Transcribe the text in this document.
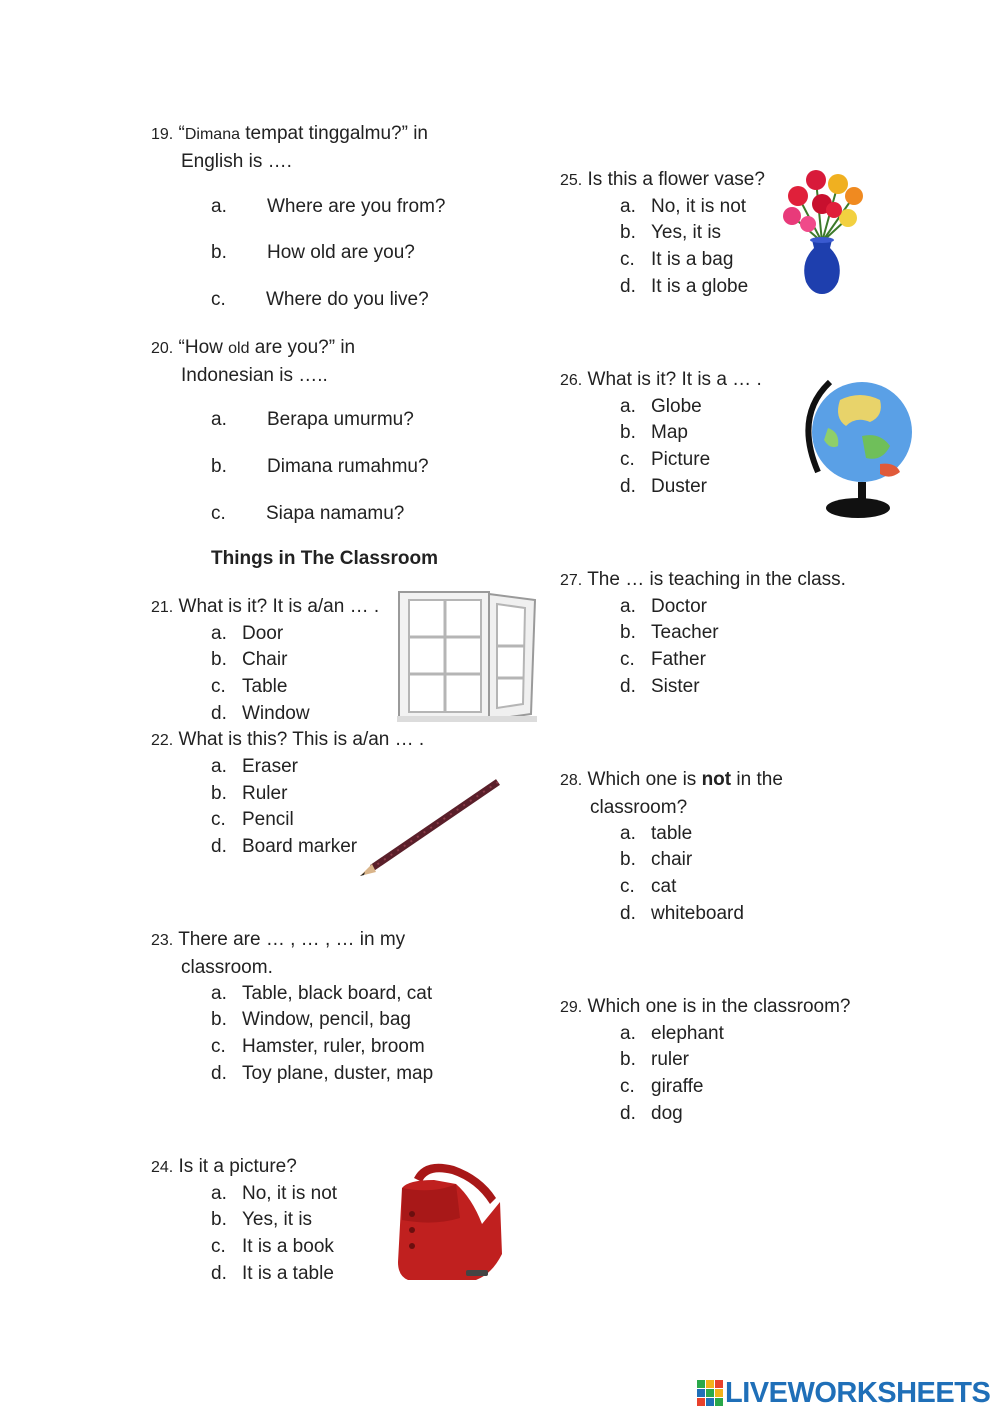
19. “Dimana tempat tinggalmu?” in
English is ….
a. Where are you from?
b. How old are you?
c. Where do you live?
20. “How old are you?” in
Indonesian is …..
a. Berapa umurmu?
b. Dimana rumahmu?
c. Siapa namamu?
Things in The Classroom
21. What is it? It is a/an … .
a. Door
b. Chair
c. Table
d. Window
22. What is this? This is a/an … .
a. Eraser
b. Ruler
c. Pencil
d. Board marker
23. There are … , … , … in my
classroom.
a. Table, black board, cat
b. Window, pencil, bag
c. Hamster, ruler, broom
d. Toy plane, duster, map
24. Is it a picture?
a. No, it is not
b. Yes, it is
c. It is a book
d. It is a table
25. Is this a flower vase?
a. No, it is not
b. Yes, it is
c. It is a bag
d. It is a globe
26. What is it? It is a … .
a. Globe
b. Map
c. Picture
d. Duster
27. The … is teaching in the class.
a. Doctor
b. Teacher
c. Father
d. Sister
28. Which one is not in the
classroom?
a. table
b. chair
c. cat
d. whiteboard
29. Which one is in the classroom?
a. elephant
b. ruler
c. giraffe
d. dog
LIVEWORKSHEETS
